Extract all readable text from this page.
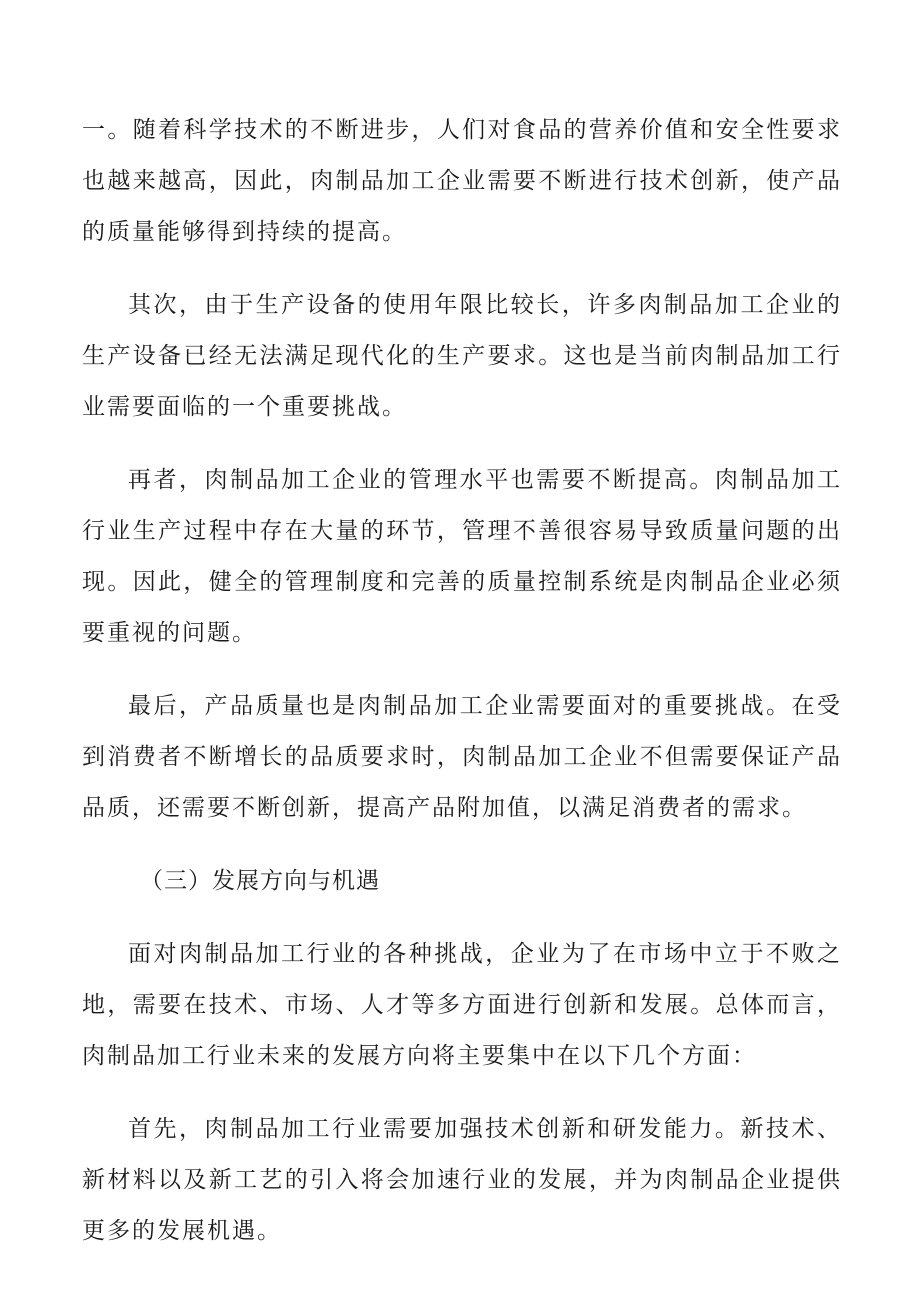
一。随着科学技术的不断进步，人们对食品的营养价值和安全性要求也越来越高，因此，肉制品加工企业需要不断进行技术创新，使产品的质量能够得到持续的提高。

其次，由于生产设备的使用年限比较长，许多肉制品加工企业的生产设备已经无法满足现代化的生产要求。这也是当前肉制品加工行业需要面临的一个重要挑战。

再者，肉制品加工企业的管理水平也需要不断提高。肉制品加工行业生产过程中存在大量的环节，管理不善很容易导致质量问题的出现。因此，健全的管理制度和完善的质量控制系统是肉制品企业必须要重视的问题。

最后，产品质量也是肉制品加工企业需要面对的重要挑战。在受到消费者不断增长的品质要求时，肉制品加工企业不但需要保证产品品质，还需要不断创新，提高产品附加值，以满足消费者的需求。

（三）发展方向与机遇

面对肉制品加工行业的各种挑战，企业为了在市场中立于不败之地，需要在技术、市场、人才等多方面进行创新和发展。总体而言，肉制品加工行业未来的发展方向将主要集中在以下几个方面：

首先，肉制品加工行业需要加强技术创新和研发能力。新技术、新材料以及新工艺的引入将会加速行业的发展，并为肉制品企业提供更多的发展机遇。
